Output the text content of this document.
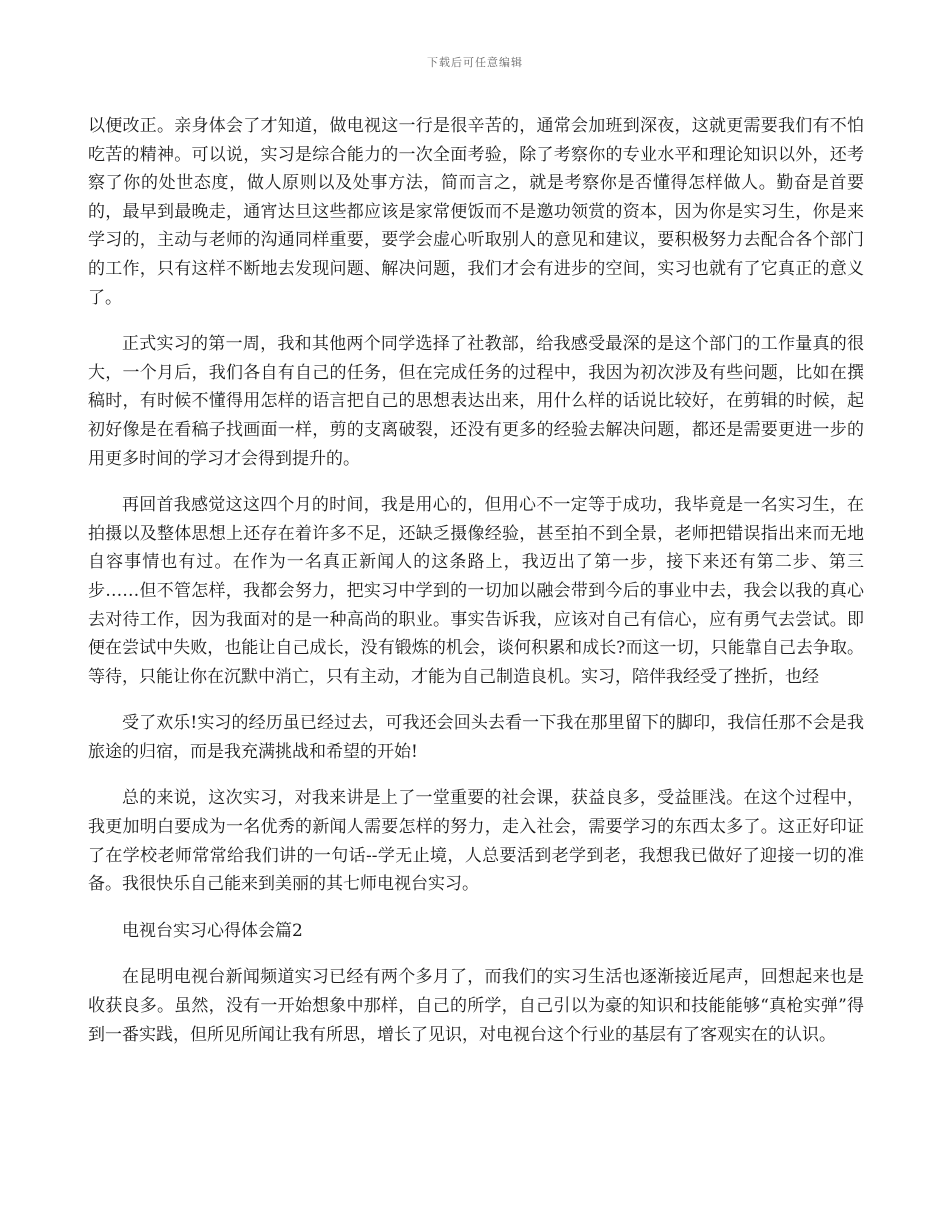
下载后可任意编辑

以便改正。亲身体会了才知道，做电视这一行是很辛苦的，通常会加班到深夜，这就更需要我们有不怕吃苦的精神。可以说，实习是综合能力的一次全面考验，除了考察你的专业水平和理论知识以外，还考察了你的处世态度，做人原则以及处事方法，简而言之，就是考察你是否懂得怎样做人。勤奋是首要的，最早到最晚走，通宵达旦这些都应该是家常便饭而不是邀功领赏的资本，因为你是实习生，你是来学习的，主动与老师的沟通同样重要，要学会虚心听取别人的意见和建议，要积极努力去配合各个部门的工作，只有这样不断地去发现问题、解决问题，我们才会有进步的空间，实习也就有了它真正的意义了。

正式实习的第一周，我和其他两个同学选择了社教部，给我感受最深的是这个部门的工作量真的很大，一个月后，我们各自有自己的任务，但在完成任务的过程中，我因为初次涉及有些问题，比如在撰稿时，有时候不懂得用怎样的语言把自己的思想表达出来，用什么样的话说比较好，在剪辑的时候，起初好像是在看稿子找画面一样，剪的支离破裂，还没有更多的经验去解决问题，都还是需要更进一步的用更多时间的学习才会得到提升的。

再回首我感觉这这四个月的时间，我是用心的，但用心不一定等于成功，我毕竟是一名实习生，在拍摄以及整体思想上还存在着许多不足，还缺乏摄像经验，甚至拍不到全景，老师把错误指出来而无地自容事情也有过。在作为一名真正新闻人的这条路上，我迈出了第一步，接下来还有第二步、第三步……但不管怎样，我都会努力，把实习中学到的一切加以融会带到今后的事业中去，我会以我的真心去对待工作，因为我面对的是一种高尚的职业。事实告诉我，应该对自己有信心，应有勇气去尝试。即便在尝试中失败，也能让自己成长，没有锻炼的机会，谈何积累和成长?而这一切，只能靠自己去争取。等待，只能让你在沉默中消亡，只有主动，才能为自己制造良机。实习，陪伴我经受了挫折，也经

受了欢乐!实习的经历虽已经过去，可我还会回头去看一下我在那里留下的脚印，我信任那不会是我旅途的归宿，而是我充满挑战和希望的开始!

总的来说，这次实习，对我来讲是上了一堂重要的社会课，获益良多，受益匪浅。在这个过程中，我更加明白要成为一名优秀的新闻人需要怎样的努力，走入社会，需要学习的东西太多了。这正好印证了在学校老师常常给我们讲的一句话--学无止境，人总要活到老学到老，我想我已做好了迎接一切的准备。我很快乐自己能来到美丽的其七师电视台实习。

电视台实习心得体会篇2

在昆明电视台新闻频道实习已经有两个多月了，而我们的实习生活也逐渐接近尾声，回想起来也是收获良多。虽然，没有一开始想象中那样，自己的所学，自己引以为豪的知识和技能能够“真枪实弹”得到一番实践，但所见所闻让我有所思，增长了见识，对电视台这个行业的基层有了客观实在的认识。
